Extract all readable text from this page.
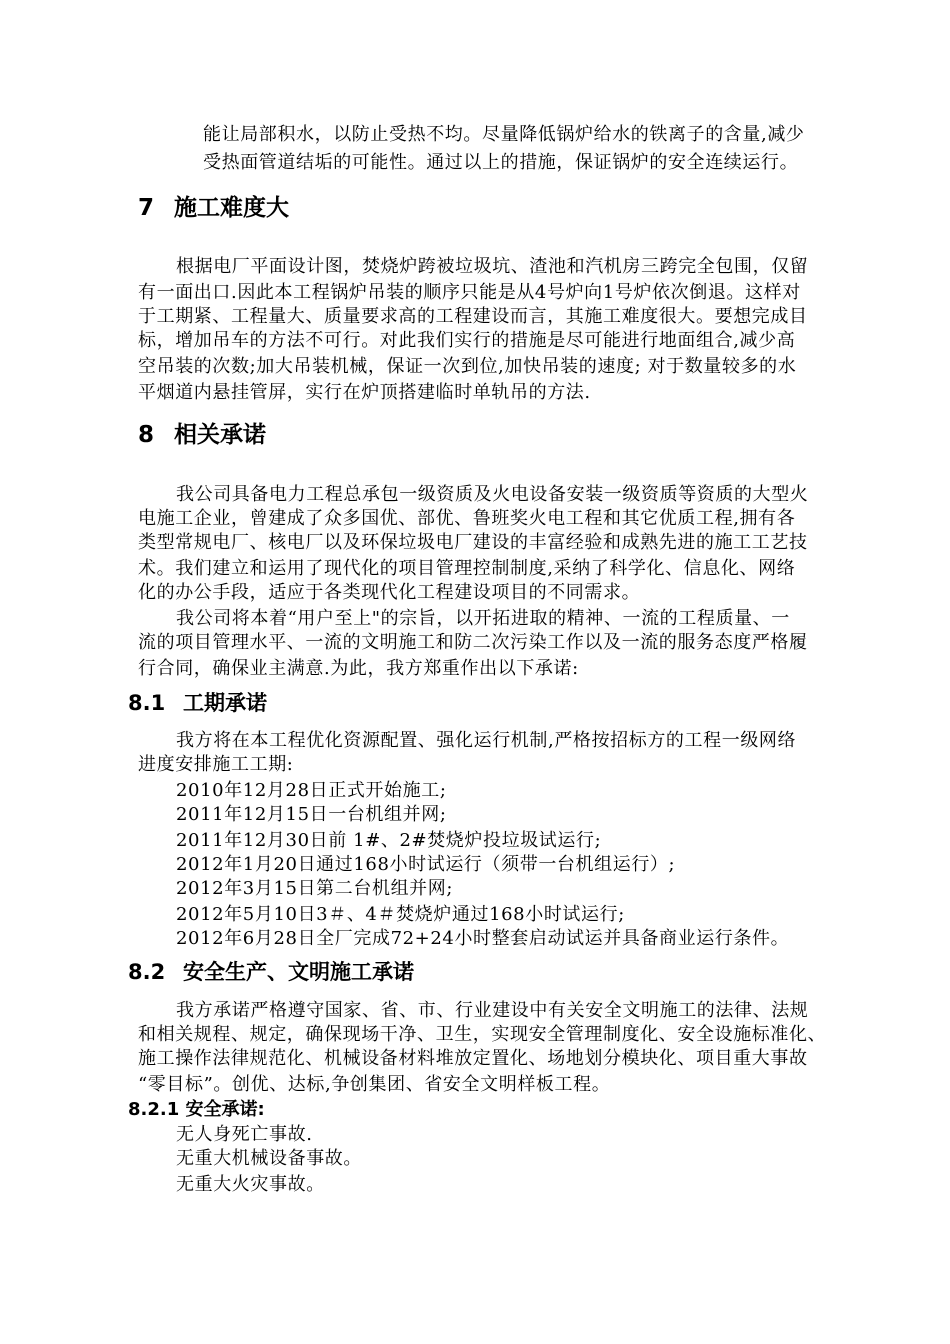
能让局部积水，以防止受热不均。尽量降低锅炉给水的铁离子的含量,减少
受热面管道结垢的可能性。通过以上的措施，保证锅炉的安全连续运行。
7 施工难度大
根据电厂平面设计图，焚烧炉跨被垃圾坑、渣池和汽机房三跨完全包围，仅留
有一面出口.因此本工程锅炉吊装的顺序只能是从4号炉向1号炉依次倒退。这样对
于工期紧、工程量大、质量要求高的工程建设而言，其施工难度很大。要想完成目
标，增加吊车的方法不可行。对此我们实行的措施是尽可能进行地面组合,减少高
空吊装的次数;加大吊装机械，保证一次到位,加快吊装的速度; 对于数量较多的水
平烟道内悬挂管屏，实行在炉顶搭建临时单轨吊的方法.
8 相关承诺
我公司具备电力工程总承包一级资质及火电设备安装一级资质等资质的大型火
电施工企业，曾建成了众多国优、部优、鲁班奖火电工程和其它优质工程,拥有各
类型常规电厂、核电厂以及环保垃圾电厂建设的丰富经验和成熟先进的施工工艺技
术。我们建立和运用了现代化的项目管理控制制度,采纳了科学化、信息化、网络
化的办公手段，适应于各类现代化工程建设项目的不同需求。
我公司将本着“用户至上"的宗旨，以开拓进取的精神、一流的工程质量、一
流的项目管理水平、一流的文明施工和防二次污染工作以及一流的服务态度严格履
行合同，确保业主满意.为此，我方郑重作出以下承诺:
8.1 工期承诺
我方将在本工程优化资源配置、强化运行机制,严格按招标方的工程一级网络
进度安排施工工期:
2010年12月28日正式开始施工;
2011年12月15日一台机组并网;
2011年12月30日前 1#、2#焚烧炉投垃圾试运行;
2012年1月20日通过168小时试运行（须带一台机组运行）;
2012年3月15日第二台机组并网;
2012年5月10日3＃、4＃焚烧炉通过168小时试运行;
2012年6月28日全厂完成72+24小时整套启动试运并具备商业运行条件。
8.2 安全生产、文明施工承诺
我方承诺严格遵守国家、省、市、行业建设中有关安全文明施工的法律、法规
和相关规程、规定，确保现场干净、卫生，实现安全管理制度化、安全设施标准化、
施工操作法律规范化、机械设备材料堆放定置化、场地划分模块化、项目重大事故
“零目标”。创优、达标,争创集团、省安全文明样板工程。
8.2.1 安全承诺:
无人身死亡事故.
无重大机械设备事故。
无重大火灾事故。
